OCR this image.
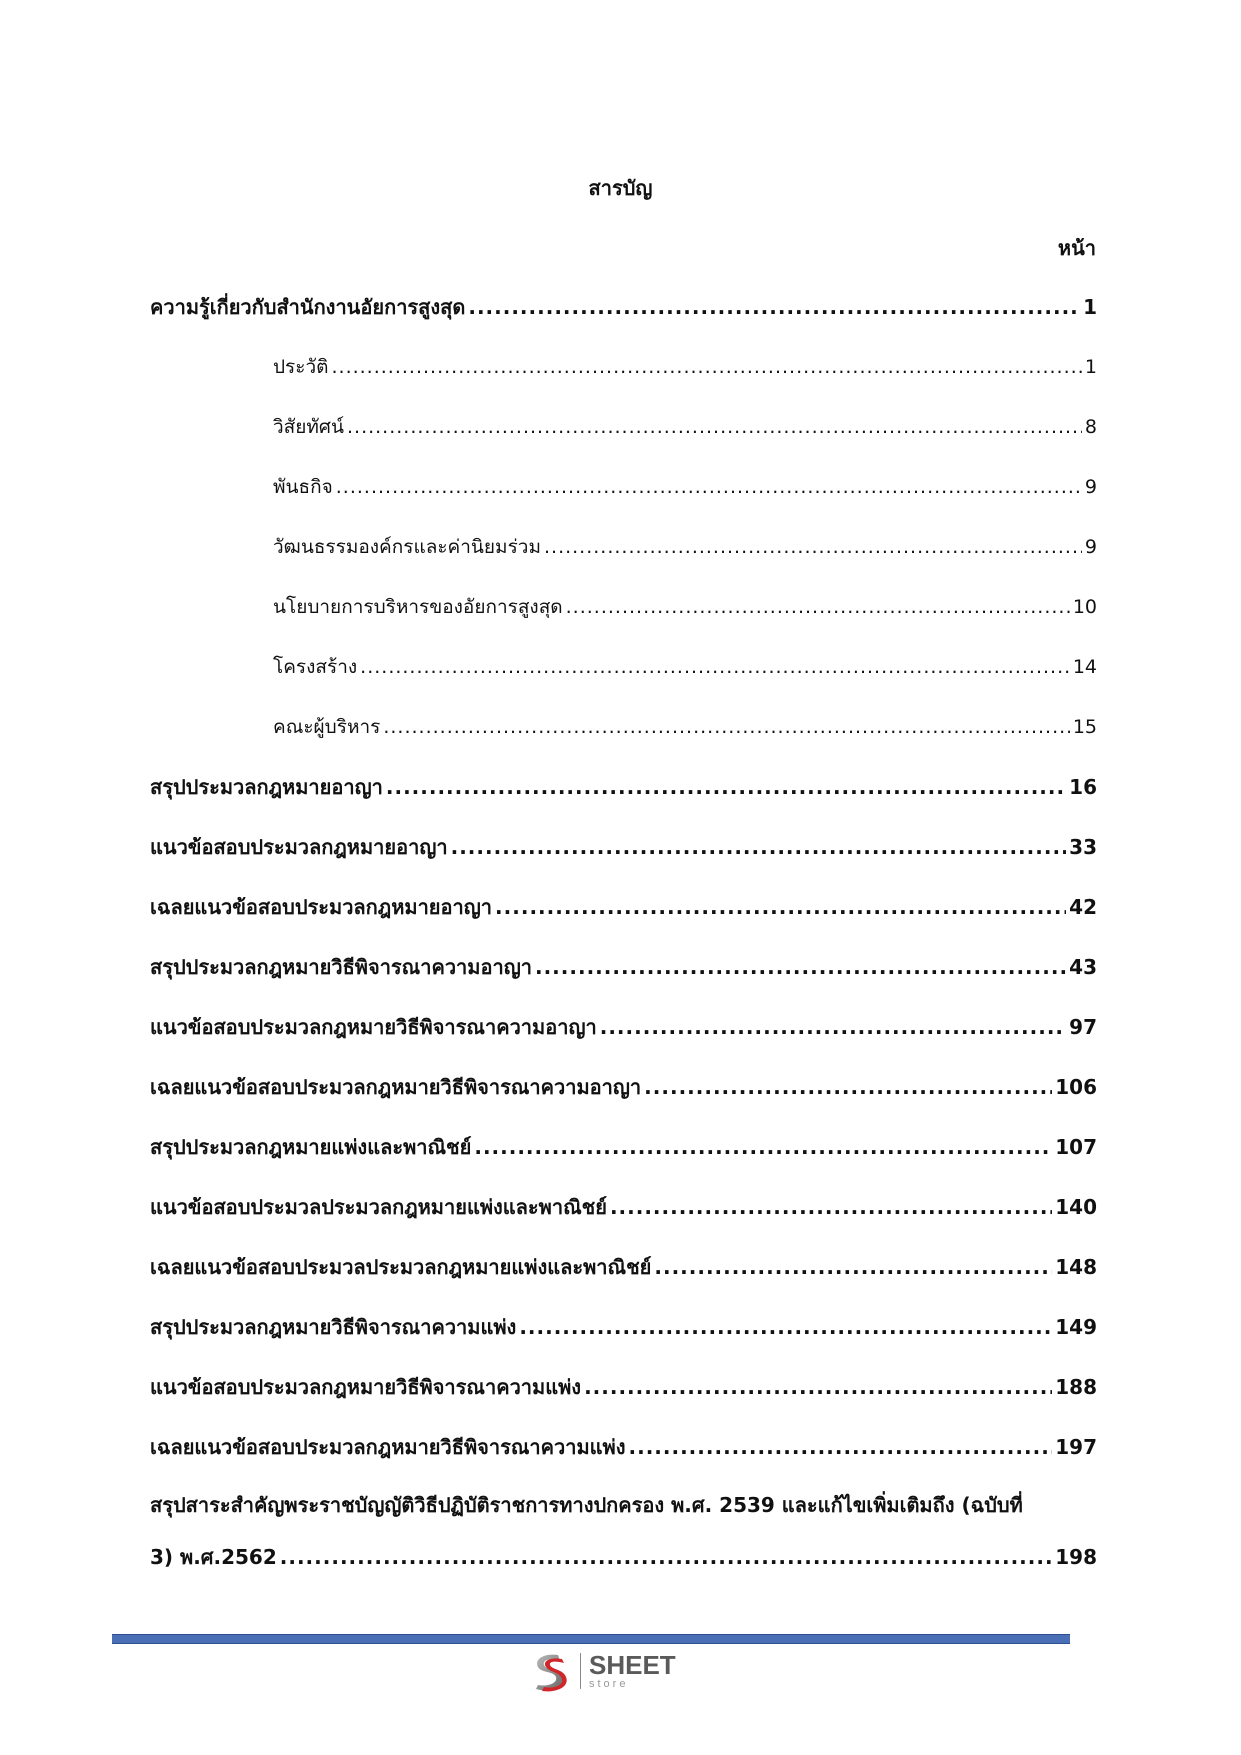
สารบัญ
หน้า
ความรู้เกี่ยวกับสำนักงานอัยการสูงสุด .....	1
ประวัติ .....	1
วิสัยทัศน์ .....	8
พันธกิจ .....	9
วัฒนธรรมองค์กรและค่านิยมร่วม .....	9
นโยบายการบริหารของอัยการสูงสุด .....	10
โครงสร้าง .....	14
คณะผู้บริหาร .....	15
สรุปประมวลกฎหมายอาญา .....	16
แนวข้อสอบประมวลกฎหมายอาญา .....	33
เฉลยแนวข้อสอบประมวลกฎหมายอาญา .....	42
สรุปประมวลกฎหมายวิธีพิจารณาความอาญา .....	43
แนวข้อสอบประมวลกฎหมายวิธีพิจารณาความอาญา .....	97
เฉลยแนวข้อสอบประมวลกฎหมายวิธีพิจารณาความอาญา .....	106
สรุปประมวลกฎหมายแพ่งและพาณิชย์ .....	107
แนวข้อสอบประมวลประมวลกฎหมายแพ่งและพาณิชย์ .....	140
เฉลยแนวข้อสอบประมวลประมวลกฎหมายแพ่งและพาณิชย์ .....	148
สรุปประมวลกฎหมายวิธีพิจารณาความแพ่ง .....	149
แนวข้อสอบประมวลกฎหมายวิธีพิจารณาความแพ่ง .....	188
เฉลยแนวข้อสอบประมวลกฎหมายวิธีพิจารณาความแพ่ง .....	197
สรุปสาระสำคัญพระราชบัญญัติวิธีปฏิบัติราชการทางปกครอง พ.ศ. 2539 และแก้ไขเพิ่มเติมถึง (ฉบับที่
3) พ.ศ.2562 .....	198
SHEET
store
